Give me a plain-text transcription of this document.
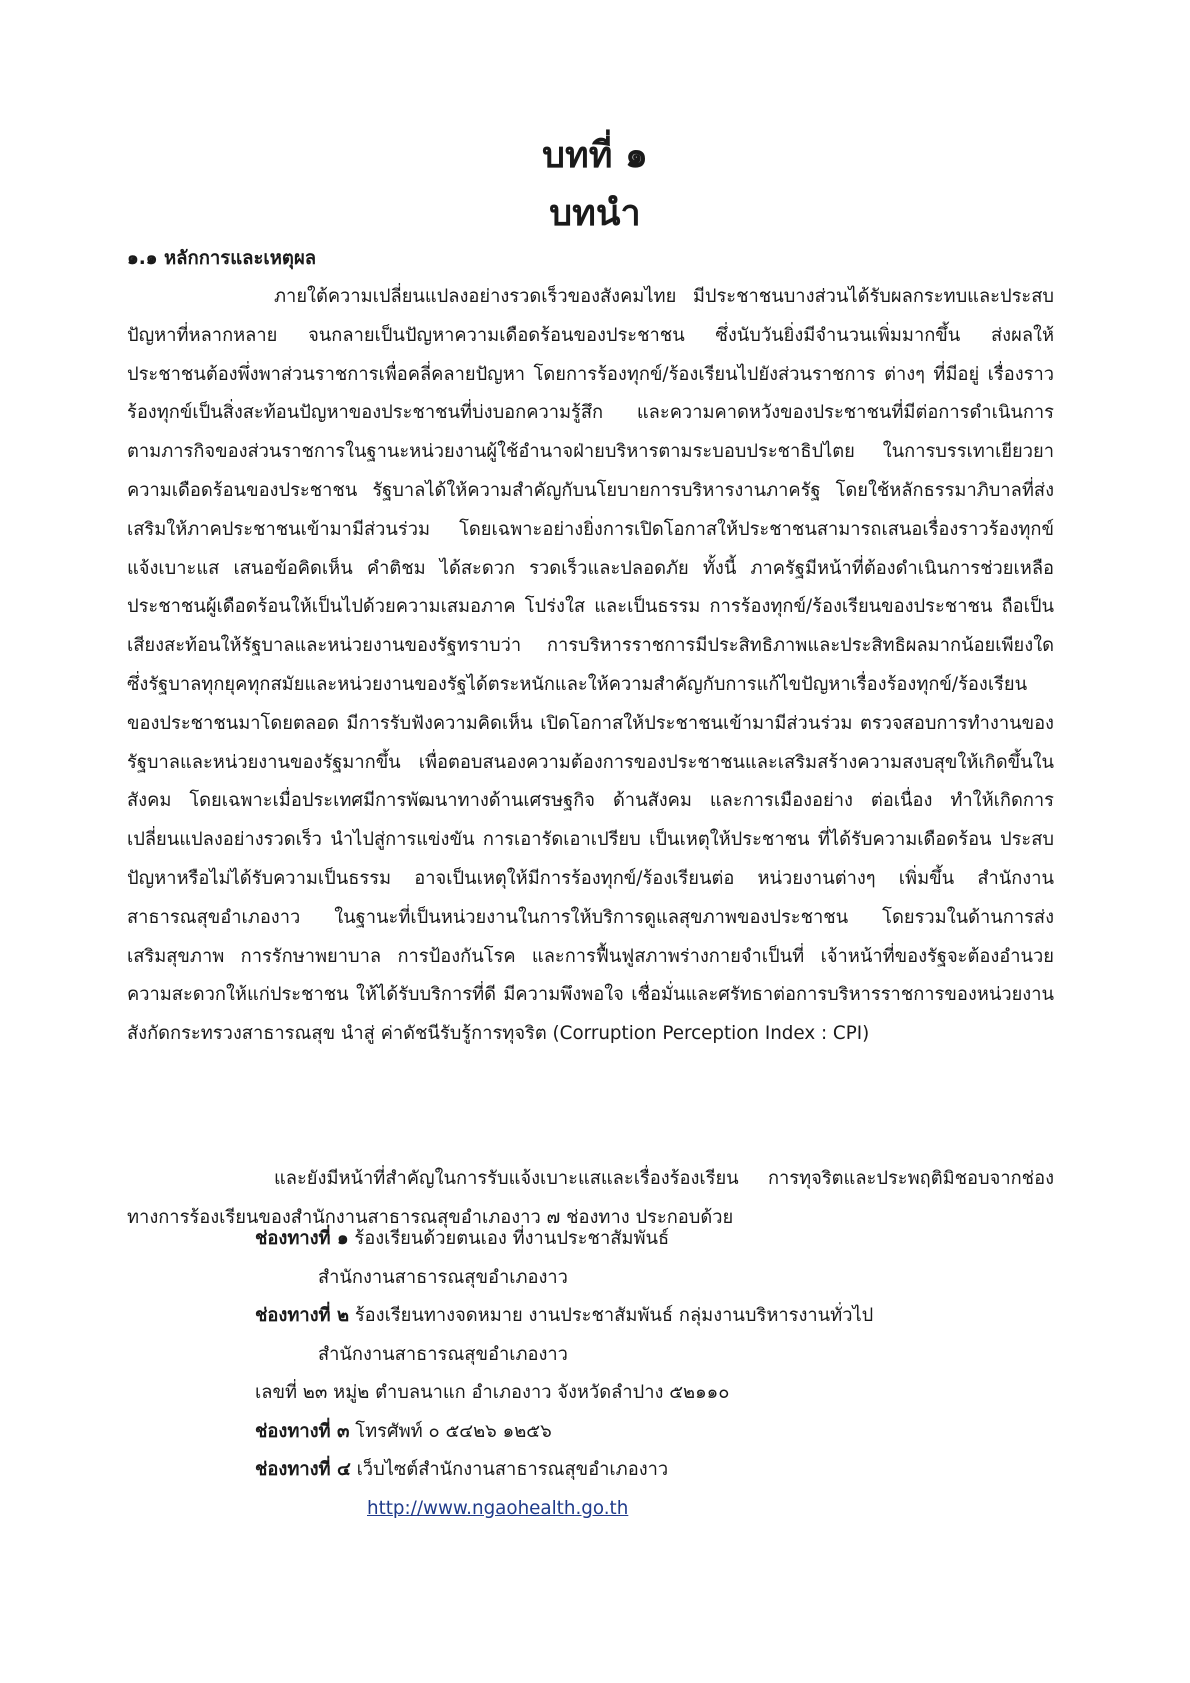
บทที่ ๑
บทนำ
๑.๑ หลักการและเหตุผล
ภายใต้ความเปลี่ยนแปลงอย่างรวดเร็วของสังคมไทย มีประชาชนบางส่วนได้รับผลกระทบและประสบปัญหาที่หลากหลาย จนกลายเป็นปัญหาความเดือดร้อนของประชาชน ซึ่งนับวันยิ่งมีจำนวนเพิ่มมากขึ้น ส่งผลให้ประชาชนต้องพึ่งพาส่วนราชการเพื่อคลี่คลายปัญหา โดยการร้องทุกข์/ร้องเรียนไปยังส่วนราชการ ต่างๆ ที่มีอยู่ เรื่องราวร้องทุกข์เป็นสิ่งสะท้อนปัญหาของประชาชนที่บ่งบอกความรู้สึก และความคาดหวังของประชาชนที่มีต่อการดำเนินการตามภารกิจของส่วนราชการในฐานะหน่วยงานผู้ใช้อำนาจฝ่ายบริหารตามระบอบประชาธิปไตย ในการบรรเทาเยียวยาความเดือดร้อนของประชาชน รัฐบาลได้ให้ความสำคัญกับนโยบายการบริหารงานภาครัฐ โดยใช้หลักธรรมาภิบาลที่ส่งเสริมให้ภาคประชาชนเข้ามามีส่วนร่วม โดยเฉพาะอย่างยิ่งการเปิดโอกาสให้ประชาชนสามารถเสนอเรื่องราวร้องทุกข์ แจ้งเบาะแส เสนอข้อคิดเห็น คำติชม ได้สะดวก รวดเร็วและปลอดภัย ทั้งนี้ ภาครัฐมีหน้าที่ต้องดำเนินการช่วยเหลือประชาชนผู้เดือดร้อนให้เป็นไปด้วยความเสมอภาค โปร่งใส และเป็นธรรม การร้องทุกข์/ร้องเรียนของประชาชน ถือเป็นเสียงสะท้อนให้รัฐบาลและหน่วยงานของรัฐทราบว่า การบริหารราชการมีประสิทธิภาพและประสิทธิผลมากน้อยเพียงใด ซึ่งรัฐบาลทุกยุคทุกสมัยและหน่วยงานของรัฐได้ตระหนักและให้ความสำคัญกับการแก้ไขปัญหาเรื่องร้องทุกข์/ร้องเรียนของประชาชนมาโดยตลอด มีการรับฟังความคิดเห็น เปิดโอกาสให้ประชาชนเข้ามามีส่วนร่วม ตรวจสอบการทำงานของรัฐบาลและหน่วยงานของรัฐมากขึ้น เพื่อตอบสนองความต้องการของประชาชนและเสริมสร้างความสงบสุขให้เกิดขึ้นในสังคม โดยเฉพาะเมื่อประเทศมีการพัฒนาทางด้านเศรษฐกิจ ด้านสังคม และการเมืองอย่าง ต่อเนื่อง ทำให้เกิดการเปลี่ยนแปลงอย่างรวดเร็ว นำไปสู่การแข่งขัน การเอารัดเอาเปรียบ เป็นเหตุให้ประชาชน ที่ได้รับความเดือดร้อน ประสบปัญหาหรือไม่ได้รับความเป็นธรรม อาจเป็นเหตุให้มีการร้องทุกข์/ร้องเรียนต่อ หน่วยงานต่างๆ เพิ่มขึ้น สำนักงานสาธารณสุขอำเภองาว ในฐานะที่เป็นหน่วยงานในการให้บริการดูแลสุขภาพของประชาชน โดยรวมในด้านการส่งเสริมสุขภาพ การรักษาพยาบาล การป้องกันโรค และการฟื้นฟูสภาพร่างกายจำเป็นที่ เจ้าหน้าที่ของรัฐจะต้องอำนวยความสะดวกให้แก่ประชาชน ให้ได้รับบริการที่ดี มีความพึงพอใจ เชื่อมั่นและศรัทธาต่อการบริหารราชการของหน่วยงานสังกัดกระทรวงสาธารณสุข นำสู่ ค่าดัชนีรับรู้การทุจริต (Corruption Perception Index : CPI)
และยังมีหน้าที่สำคัญในการรับแจ้งเบาะแสและเรื่องร้องเรียน การทุจริตและประพฤติมิชอบจากช่องทางการร้องเรียนของสำนักงานสาธารณสุขอำเภองาว ๗ ช่องทาง ประกอบด้วย
ช่องทางที่ ๑ ร้องเรียนด้วยตนเอง ที่งานประชาสัมพันธ์
สำนักงานสาธารณสุขอำเภองาว
ช่องทางที่ ๒ ร้องเรียนทางจดหมาย งานประชาสัมพันธ์ กลุ่มงานบริหารงานทั่วไป
สำนักงานสาธารณสุขอำเภองาว
เลขที่ ๒๓ หมู่๒ ตำบลนาแก อำเภองาว จังหวัดลำปาง ๕๒๑๑๐
ช่องทางที่ ๓ โทรศัพท์ ๐ ๕๔๒๖ ๑๒๕๖
ช่องทางที่ ๔ เว็บไซต์สำนักงานสาธารณสุขอำเภองาว
http://www.ngaohealth.go.th
